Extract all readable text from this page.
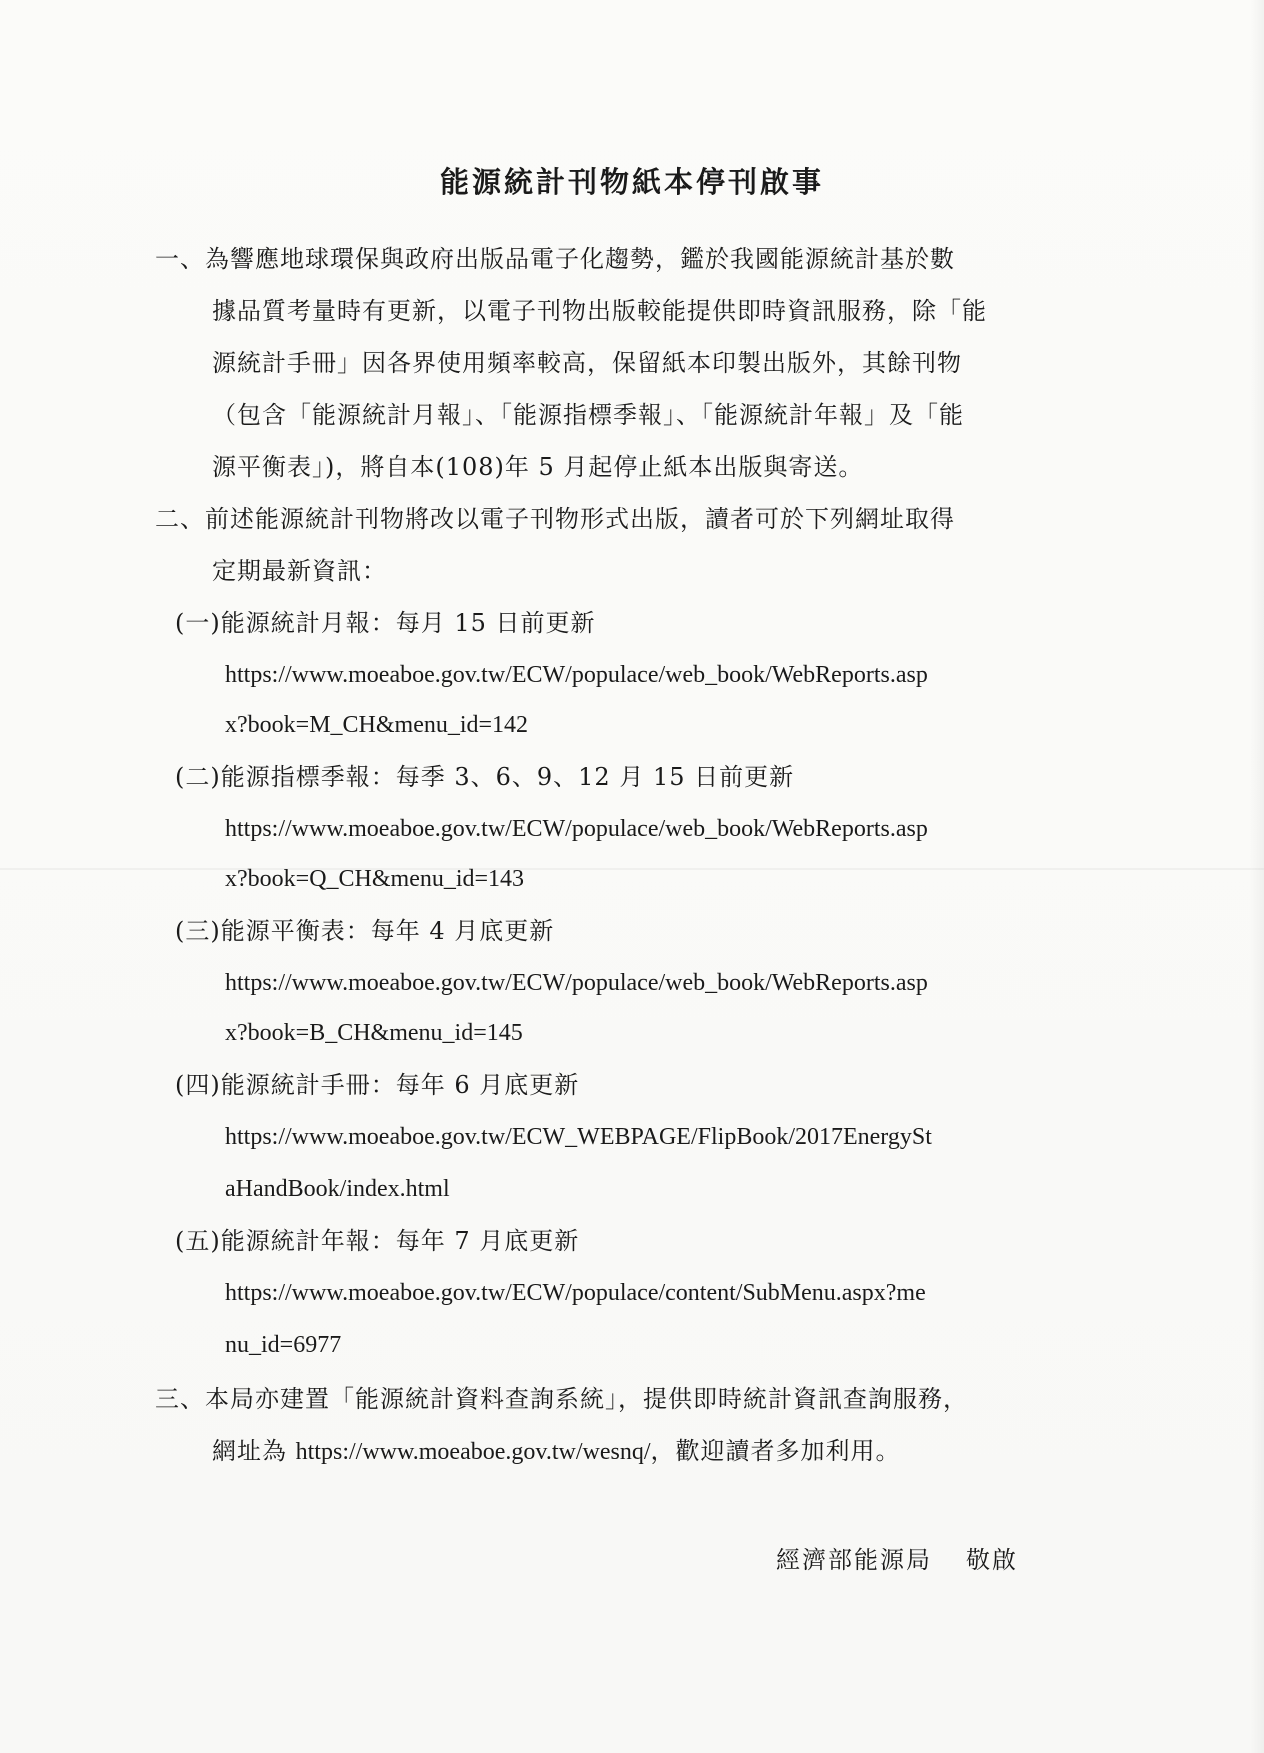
能源統計刊物紙本停刊啟事
一、為響應地球環保與政府出版品電子化趨勢，鑑於我國能源統計基於數
據品質考量時有更新，以電子刊物出版較能提供即時資訊服務，除「能
源統計手冊」因各界使用頻率較高，保留紙本印製出版外，其餘刊物
（包含「能源統計月報」、「能源指標季報」、「能源統計年報」及「能
源平衡表」)，將自本(108)年 5 月起停止紙本出版與寄送。
二、前述能源統計刊物將改以電子刊物形式出版，讀者可於下列網址取得
定期最新資訊：
(一)能源統計月報：每月 15 日前更新
https://www.moeaboe.gov.tw/ECW/populace/web_book/WebReports.asp
x?book=M_CH&menu_id=142
(二)能源指標季報：每季 3、6、9、12 月 15 日前更新
https://www.moeaboe.gov.tw/ECW/populace/web_book/WebReports.asp
x?book=Q_CH&menu_id=143
(三)能源平衡表：每年 4 月底更新
https://www.moeaboe.gov.tw/ECW/populace/web_book/WebReports.asp
x?book=B_CH&menu_id=145
(四)能源統計手冊：每年 6 月底更新
https://www.moeaboe.gov.tw/ECW_WEBPAGE/FlipBook/2017EnergySt
aHandBook/index.html
(五)能源統計年報：每年 7 月底更新
https://www.moeaboe.gov.tw/ECW/populace/content/SubMenu.aspx?me
nu_id=6977
三、本局亦建置「能源統計資料查詢系統」，提供即時統計資訊查詢服務，
網址為 https://www.moeaboe.gov.tw/wesnq/，歡迎讀者多加利用。
經濟部能源局 敬啟
